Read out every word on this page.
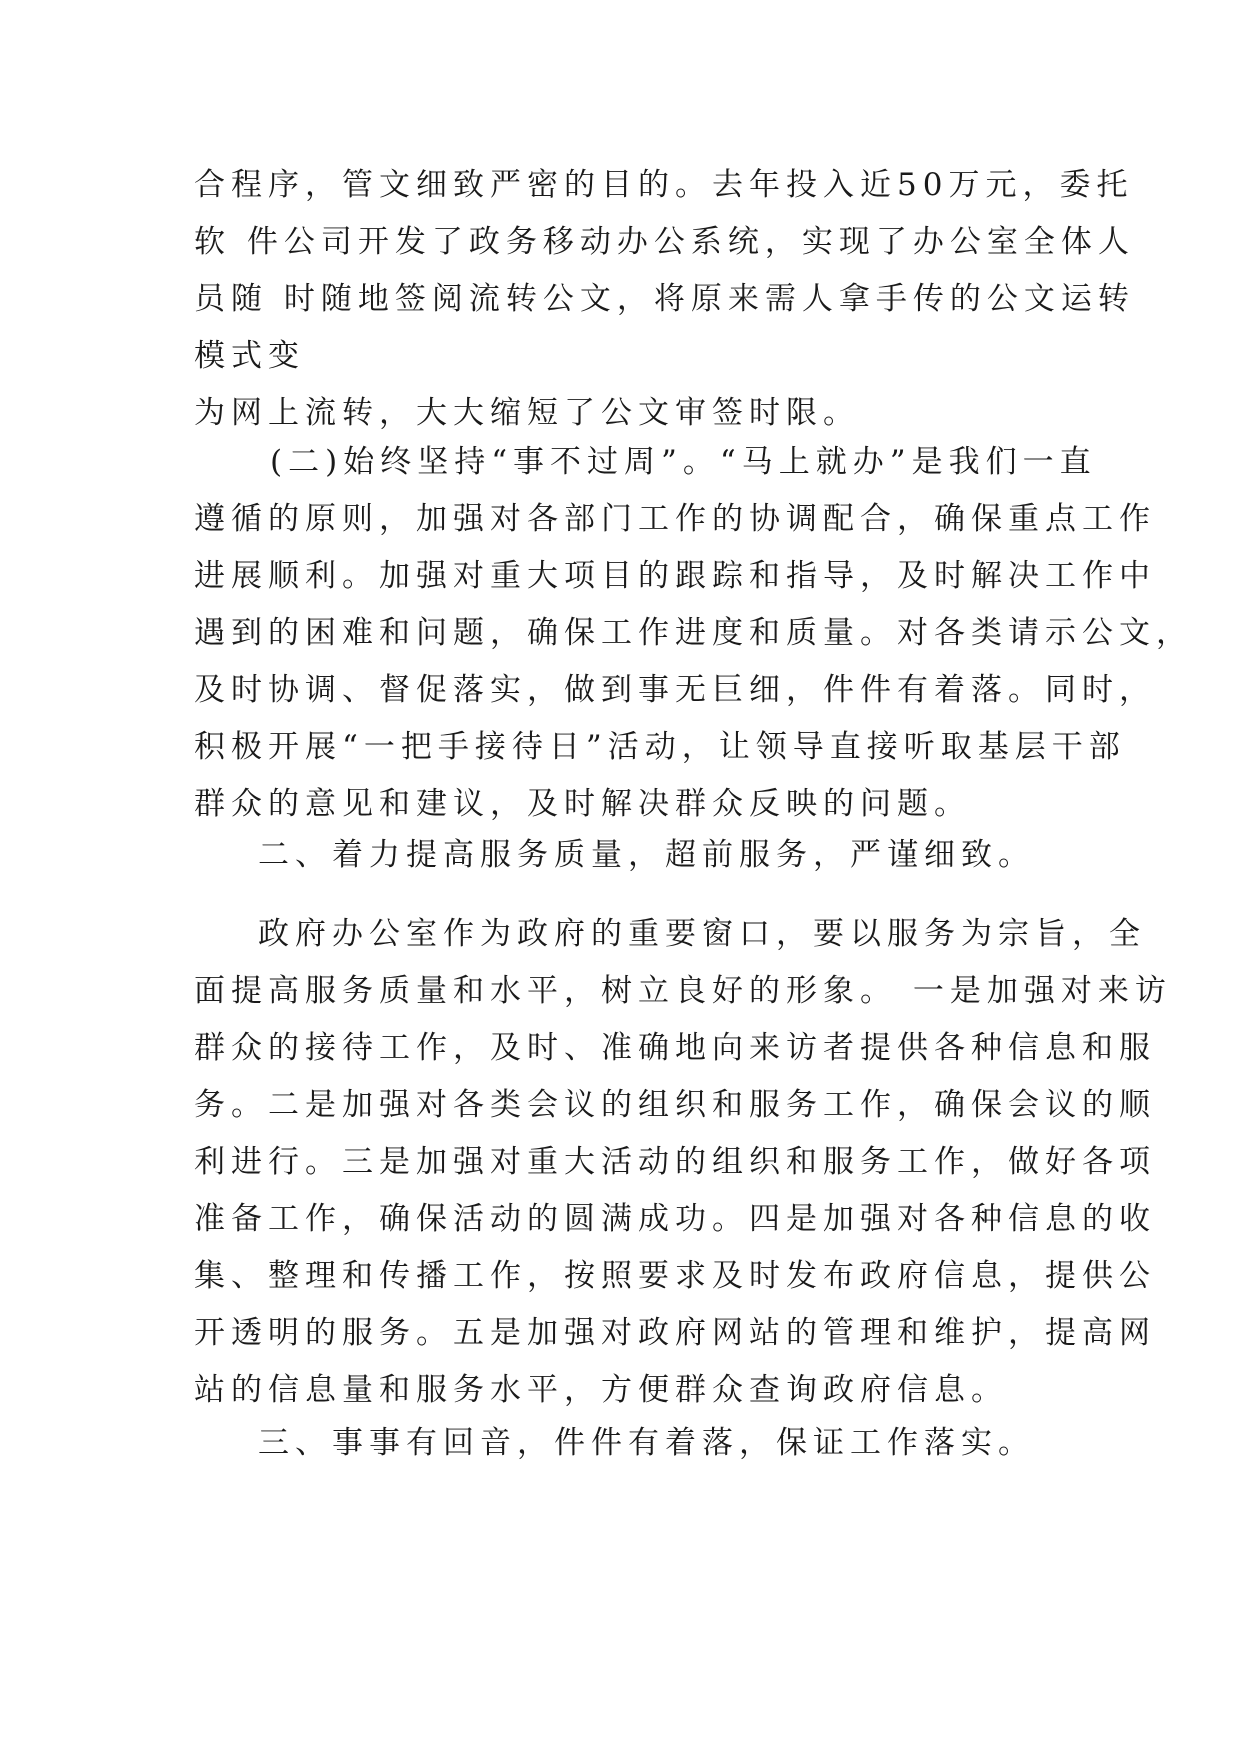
合程序，管文细致严密的目的。去年投入近50万元，委托
软 件公司开发了政务移动办公系统，实现了办公室全体人
员随 时随地签阅流转公文，将原来需人拿手传的公文运转
模式变
为网上流转，大大缩短了公文审签时限。
(二)始终坚持“事不过周”。“马上就办”是我们一直
遵循的原则，加强对各部门工作的协调配合，确保重点工作
进展顺利。加强对重大项目的跟踪和指导，及时解决工作中
遇到的困难和问题，确保工作进度和质量。对各类请示公文，
及时协调、督促落实，做到事无巨细，件件有着落。同时，
积极开展“一把手接待日”活动，让领导直接听取基层干部
群众的意见和建议，及时解决群众反映的问题。
二、着力提高服务质量，超前服务，严谨细致。
政府办公室作为政府的重要窗口，要以服务为宗旨，全
面提高服务质量和水平，树立良好的形象。 一是加强对来访
群众的接待工作，及时、准确地向来访者提供各种信息和服
务。二是加强对各类会议的组织和服务工作，确保会议的顺
利进行。三是加强对重大活动的组织和服务工作，做好各项
准备工作，确保活动的圆满成功。四是加强对各种信息的收
集、整理和传播工作，按照要求及时发布政府信息，提供公
开透明的服务。五是加强对政府网站的管理和维护，提高网
站的信息量和服务水平，方便群众查询政府信息。
三、事事有回音，件件有着落，保证工作落实。
